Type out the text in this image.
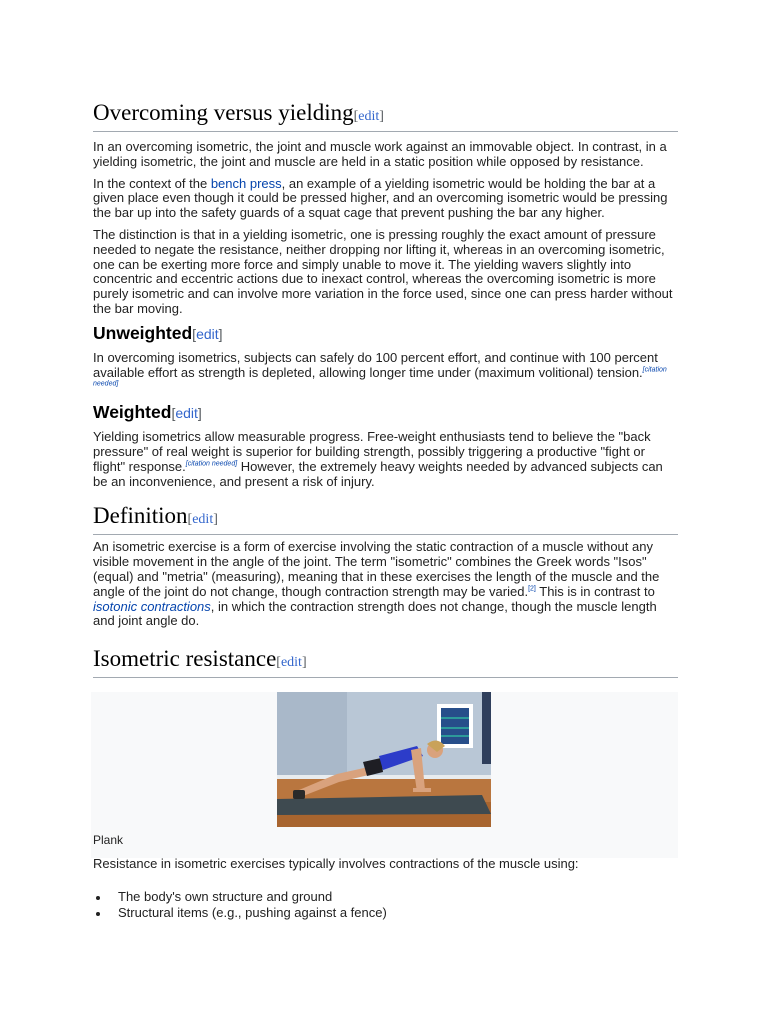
Overcoming versus yielding[edit]

In an overcoming isometric, the joint and muscle work against an immovable object. In contrast, in a yielding isometric, the joint and muscle are held in a static position while opposed by resistance.

In the context of the bench press, an example of a yielding isometric would be holding the bar at a given place even though it could be pressed higher, and an overcoming isometric would be pressing the bar up into the safety guards of a squat cage that prevent pushing the bar any higher.

The distinction is that in a yielding isometric, one is pressing roughly the exact amount of pressure needed to negate the resistance, neither dropping nor lifting it, whereas in an overcoming isometric, one can be exerting more force and simply unable to move it. The yielding wavers slightly into concentric and eccentric actions due to inexact control, whereas the overcoming isometric is more purely isometric and can involve more variation in the force used, since one can press harder without the bar moving.

Unweighted[edit]

In overcoming isometrics, subjects can safely do 100 percent effort, and continue with 100 percent available effort as strength is depleted, allowing longer time under (maximum volitional) tension.[citation needed]

Weighted[edit]

Yielding isometrics allow measurable progress. Free-weight enthusiasts tend to believe the "back pressure" of real weight is superior for building strength, possibly triggering a productive "fight or flight" response.[citation needed] However, the extremely heavy weights needed by advanced subjects can be an inconvenience, and present a risk of injury.

Definition[edit]

An isometric exercise is a form of exercise involving the static contraction of a muscle without any visible movement in the angle of the joint. The term "isometric" combines the Greek words "Isos" (equal) and "metria" (measuring), meaning that in these exercises the length of the muscle and the angle of the joint do not change, though contraction strength may be varied.[2] This is in contrast to isotonic contractions, in which the contraction strength does not change, though the muscle length and joint angle do.

Isometric resistance[edit]
Plank

Resistance in isometric exercises typically involves contractions of the muscle using:

The body's own structure and ground
Structural items (e.g., pushing against a fence)
